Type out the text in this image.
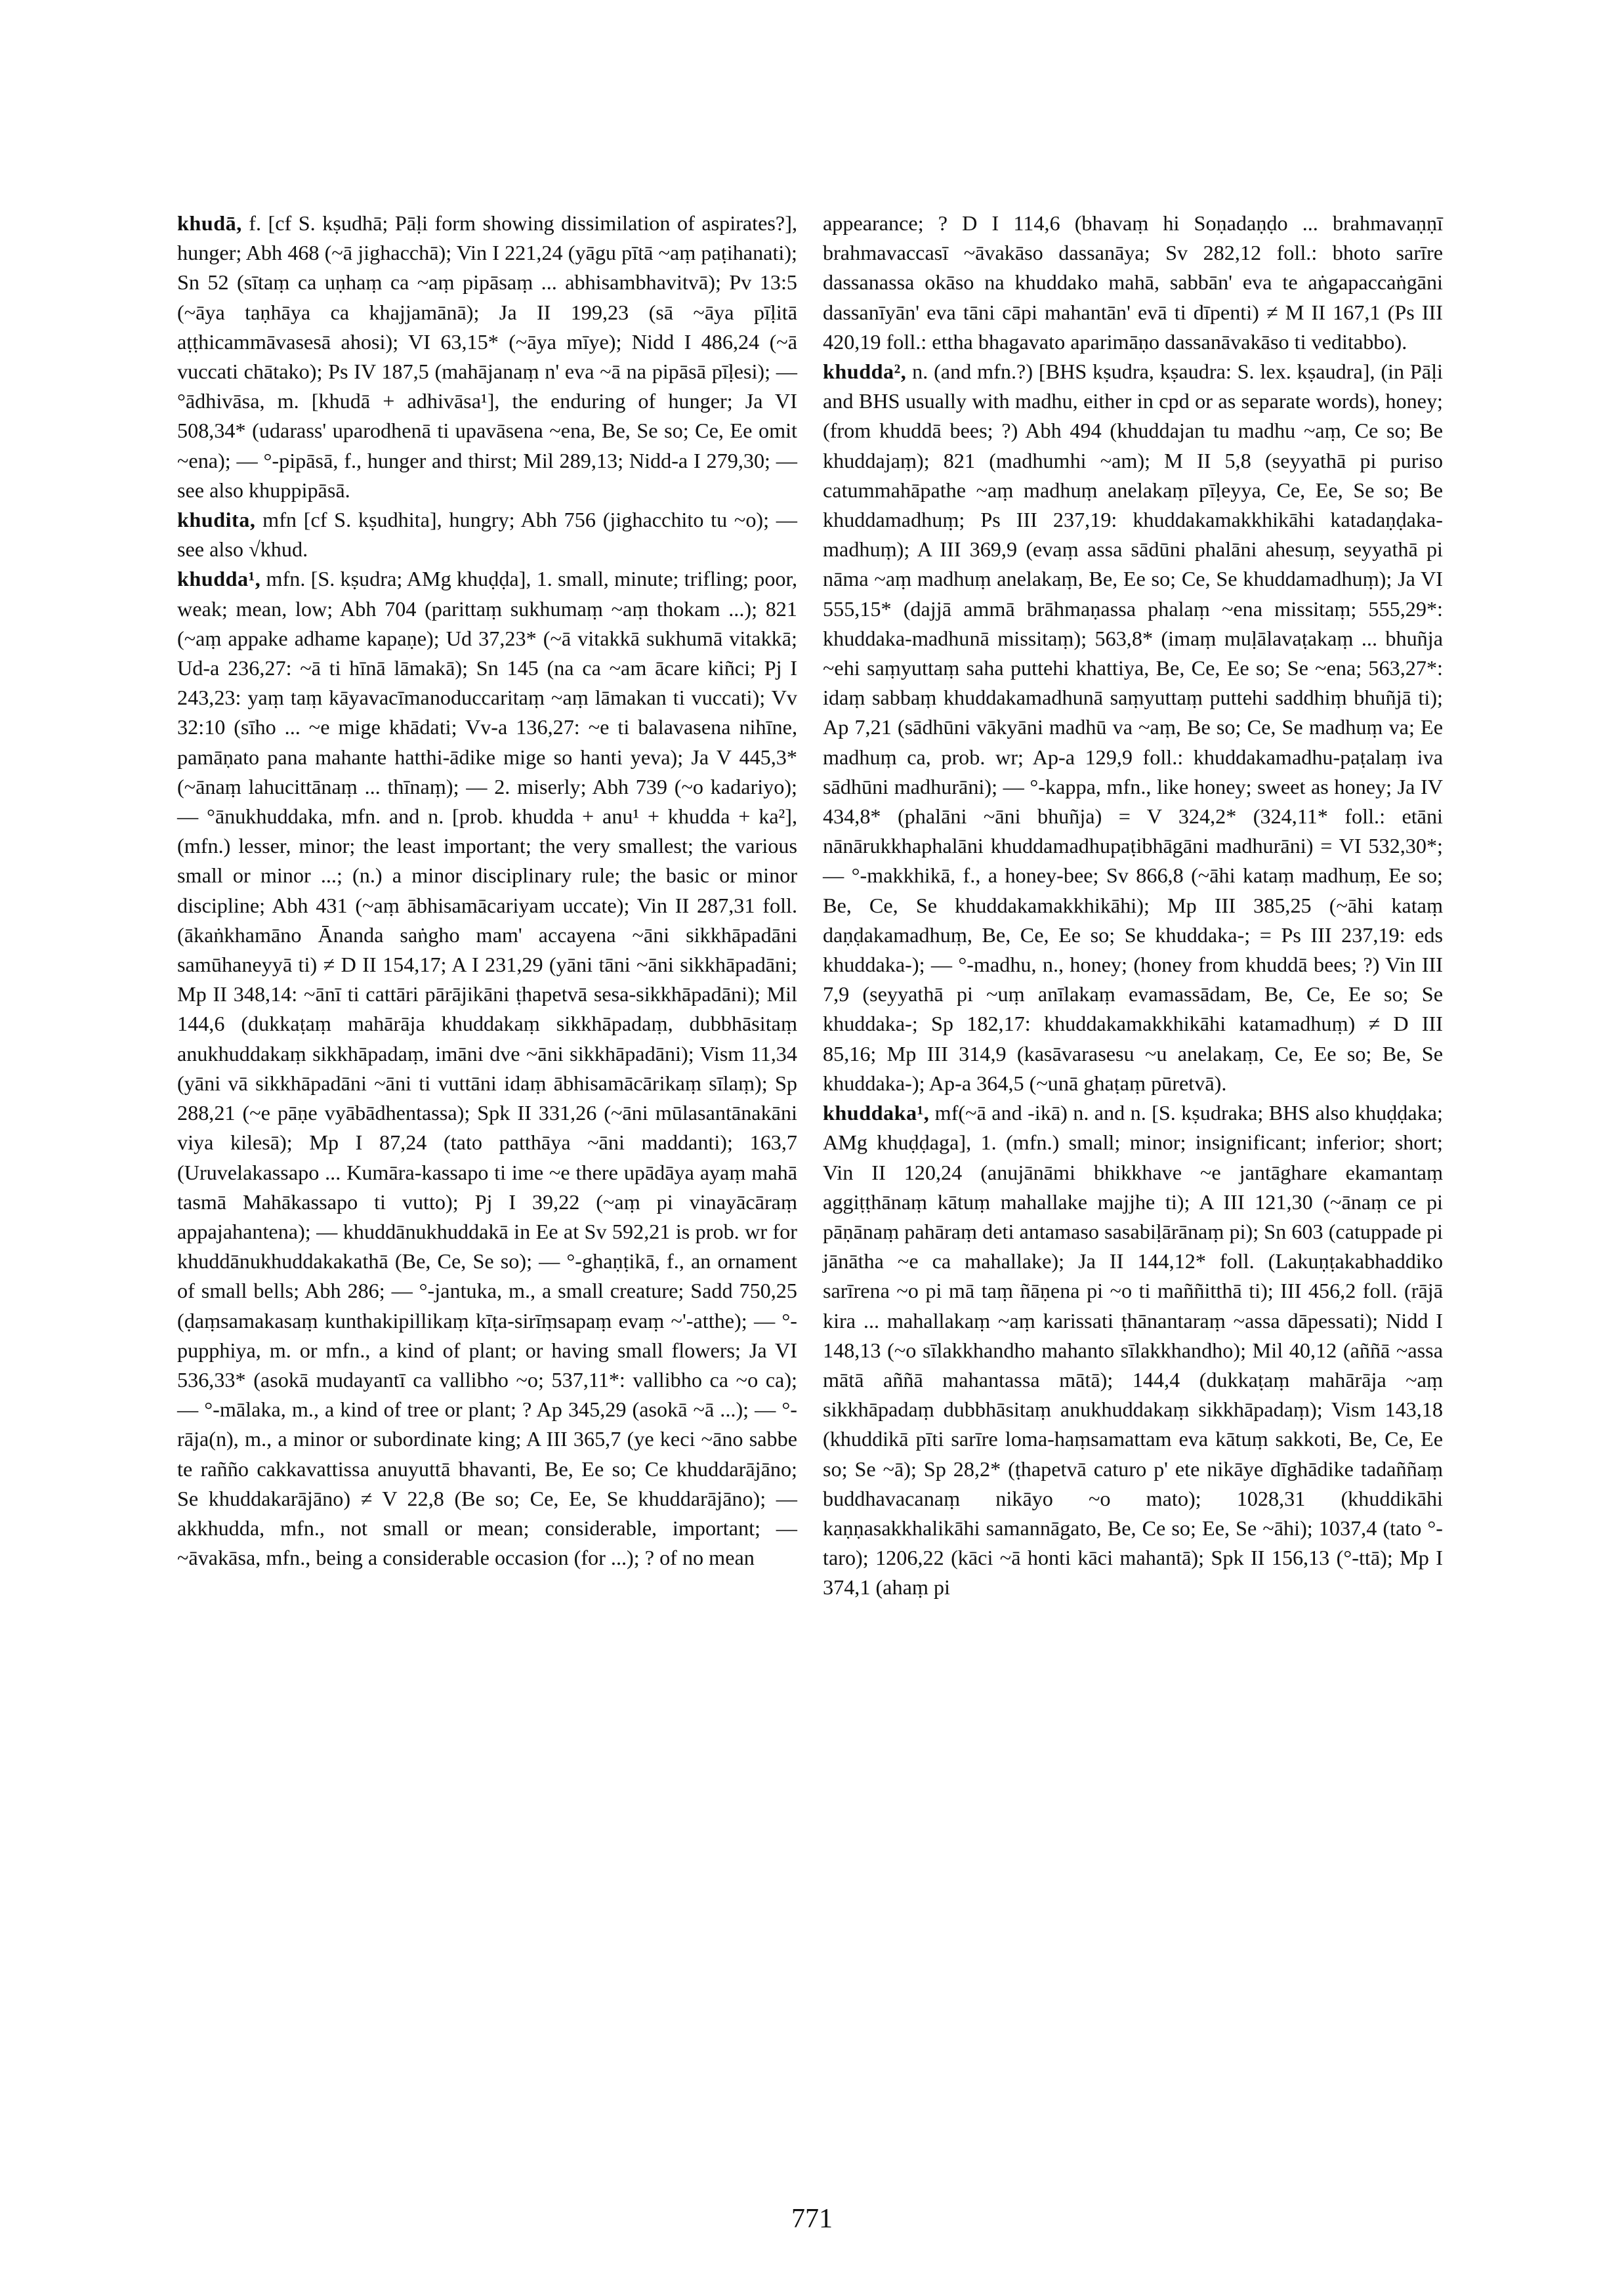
khudā, f. [cf S. kṣudhā; Pāḷi form showing dissimilation of aspirates?], hunger; Abh 468 (~ā jighacchā); Vin I 221,24 (yāgu pītā ~aṃ paṭihanati); Sn 52 (sītaṃ ca uṇhaṃ ca ~aṃ pipāsaṃ ... abhisambhavitvā); Pv 13:5 (~āya taṇhāya ca khajjamānā); Ja II 199,23 (sā ~āya pīḷitā aṭṭhicammāvasesā ahosi); VI 63,15* (~āya mīye); Nidd I 486,24 (~ā vuccati chātako); Ps IV 187,5 (mahājanaṃ n' eva ~ā na pipāsā pīḷesi); — °ādhivāsa, m. [khudā + adhivāsa¹], the enduring of hunger; Ja VI 508,34* (udarass' uparodhenā ti upavāsena ~ena, Be, Se so; Ce, Ee omit ~ena); — °-pipāsā, f., hunger and thirst; Mil 289,13; Nidd-a I 279,30; — see also khuppipāsā.

khudita, mfn [cf S. kṣudhita], hungry; Abh 756 (jighacchito tu ~o); — see also √khud.

khudda¹, mfn. [S. kṣudra; AMg khuḍḍa], 1. small, minute; trifling; poor, weak; mean, low; Abh 704 (parittaṃ sukhumaṃ ~aṃ thokam ...); 821 (~aṃ appake adhame kapaṇe); Ud 37,23* (~ā vitakkā sukhumā vitakkā; Ud-a 236,27: ~ā ti hīnā lāmakā); Sn 145 (na ca ~am ācare kiñci; Pj I 243,23: yaṃ taṃ kāyavacīmanoduccaritaṃ ~aṃ lāmakan ti vuccati); Vv 32:10 (sīho ... ~e mige khādati; Vv-a 136,27: ~e ti balavasena nihīne, pamāṇato pana mahante hatthi-ādike mige so hanti yeva); Ja V 445,3* (~ānaṃ lahucittānaṃ ... thīnaṃ); — 2. miserly; Abh 739 (~o kadariyo); — °ānukhuddaka, mfn. and n. [prob. khudda + anu¹ + khudda + ka²], (mfn.) lesser, minor; the least important; the very smallest; the various small or minor ...; (n.) a minor disciplinary rule; the basic or minor discipline; Abh 431 (~aṃ ābhisamācariyam uccate); Vin II 287,31 foll. (ākaṅkhamāno Ānanda saṅgho mam' accayena ~āni sikkhāpadāni samūhaneyyā ti) ≠ D II 154,17; A I 231,29 (yāni tāni ~āni sikkhāpadāni; Mp II 348,14: ~ānī ti cattāri pārājikāni ṭhapetvā sesa-sikkhāpadāni); Mil 144,6 (dukkaṭaṃ mahārāja khuddakaṃ sikkhāpadaṃ, dubbhāsitaṃ anukhuddakaṃ sikkhāpadaṃ, imāni dve ~āni sikkhāpadāni); Vism 11,34 (yāni vā sikkhāpadāni ~āni ti vuttāni idaṃ ābhisamācārikaṃ sīlaṃ); Sp 288,21 (~e pāṇe vyābādhentassa); Spk II 331,26 (~āni mūlasantānakāni viya kilesā); Mp I 87,24 (tato patthāya ~āni maddanti); 163,7 (Uruvelakassapo ... Kumāra-kassapo ti ime ~e there upādāya ayaṃ mahā tasmā Mahākassapo ti vutto); Pj I 39,22 (~aṃ pi vinayācāraṃ appajahantena); — khuddānukhuddakā in Ee at Sv 592,21 is prob. wr for khuddānukhuddakakathā (Be, Ce, Se so); — °-ghaṇṭikā, f., an ornament of small bells; Abh 286; — °-jantuka, m., a small creature; Sadd 750,25 (ḍaṃsamakasaṃ kunthakipillikaṃ kīṭa-sirīṃsapaṃ evaṃ ~'-atthe); — °-pupphiya, m. or mfn., a kind of plant; or having small flowers; Ja VI 536,33* (asokā mudayantī ca vallibho ~o; 537,11*: vallibho ca ~o ca); — °-mālaka, m., a kind of tree or plant; ? Ap 345,29 (asokā ~ā ...); — °-rāja(n), m., a minor or subordinate king; A III 365,7 (ye keci ~āno sabbe te rañño cakkavattissa anuyuttā bhavanti, Be, Ee so; Ce khuddarājāno; Se khuddakarājāno) ≠ V 22,8 (Be so; Ce, Ee, Se khuddarājāno); — akkhudda, mfn., not small or mean; considerable, important; — ~āvakāsa, mfn., being a considerable occasion (for ...); ? of no mean

appearance; ? D I 114,6 (bhavaṃ hi Soṇadaṇḍo ... brahmavaṇṇī brahmavaccasī ~āvakāso dassanāya; Sv 282,12 foll.: bhoto sarīre dassanassa okāso na khuddako mahā, sabbān' eva te aṅgapaccaṅgāni dassanīyān' eva tāni cāpi mahantān' evā ti dīpenti) ≠ M II 167,1 (Ps III 420,19 foll.: ettha bhagavato aparimāṇo dassanāvakāso ti veditabbo).

khudda², n. (and mfn.?) [BHS kṣudra, kṣaudra: S. lex. kṣaudra], (in Pāḷi and BHS usually with madhu, either in cpd or as separate words), honey; (from khuddā bees; ?) Abh 494 (khuddajan tu madhu ~aṃ, Ce so; Be khuddajaṃ); 821 (madhumhi ~am); M II 5,8 (seyyathā pi puriso catummahāpathe ~aṃ madhuṃ anelakaṃ pīḷeyya, Ce, Ee, Se so; Be khuddamadhuṃ; Ps III 237,19: khuddakamakkhikāhi katadaṇḍaka-madhuṃ); A III 369,9 (evaṃ assa sādūni phalāni ahesuṃ, seyyathā pi nāma ~aṃ madhuṃ anelakaṃ, Be, Ee so; Ce, Se khuddamadhuṃ); Ja VI 555,15* (dajjā ammā brāhmaṇassa phalaṃ ~ena missitaṃ; 555,29*: khuddaka-madhunā missitaṃ); 563,8* (imaṃ muḷālavaṭakaṃ ... bhuñja ~ehi saṃyuttaṃ saha puttehi khattiya, Be, Ce, Ee so; Se ~ena; 563,27*: idaṃ sabbaṃ khuddakamadhunā saṃyuttaṃ puttehi saddhiṃ bhuñjā ti); Ap 7,21 (sādhūni vākyāni madhū va ~aṃ, Be so; Ce, Se madhuṃ va; Ee madhuṃ ca, prob. wr; Ap-a 129,9 foll.: khuddakamadhu-paṭalaṃ iva sādhūni madhurāni); — °-kappa, mfn., like honey; sweet as honey; Ja IV 434,8* (phalāni ~āni bhuñja) = V 324,2* (324,11* foll.: etāni nānārukkhaphalāni khuddamadhupaṭibhāgāni madhurāni) = VI 532,30*; — °-makkhikā, f., a honey-bee; Sv 866,8 (~āhi kataṃ madhuṃ, Ee so; Be, Ce, Se khuddakamakkhikāhi); Mp III 385,25 (~āhi kataṃ daṇḍakamadhuṃ, Be, Ce, Ee so; Se khuddaka-; = Ps III 237,19: eds khuddaka-); — °-madhu, n., honey; (honey from khuddā bees; ?) Vin III 7,9 (seyyathā pi ~uṃ anīlakaṃ evamassādam, Be, Ce, Ee so; Se khuddaka-; Sp 182,17: khuddakamakkhikāhi katamadhuṃ) ≠ D III 85,16; Mp III 314,9 (kasāvarasesu ~u anelakaṃ, Ce, Ee so; Be, Se khuddaka-); Ap-a 364,5 (~unā ghaṭaṃ pūretvā).

khuddaka¹, mf(~ā and -ikā) n. and n. [S. kṣudraka; BHS also khuḍḍaka; AMg khuḍḍaga], 1. (mfn.) small; minor; insignificant; inferior; short; Vin II 120,24 (anujānāmi bhikkhave ~e jantāghare ekamantaṃ aggiṭṭhānaṃ kātuṃ mahallake majjhe ti); A III 121,30 (~ānaṃ ce pi pāṇānaṃ pahāraṃ deti antamaso sasabiḷārānaṃ pi); Sn 603 (catuppade pi jānātha ~e ca mahallake); Ja II 144,12* foll. (Lakuṇṭakabhaddiko sarīrena ~o pi mā taṃ ñāṇena pi ~o ti maññitthā ti); III 456,2 foll. (rājā kira ... mahallakaṃ ~aṃ karissati ṭhānantaraṃ ~assa dāpessati); Nidd I 148,13 (~o sīlakkhandho mahanto sīlakkhandho); Mil 40,12 (aññā ~assa mātā aññā mahantassa mātā); 144,4 (dukkaṭaṃ mahārāja ~aṃ sikkhāpadaṃ dubbhāsitaṃ anukhuddakaṃ sikkhāpadaṃ); Vism 143,18 (khuddikā pīti sarīre loma-haṃsamattam eva kātuṃ sakkoti, Be, Ce, Ee so; Se ~ā); Sp 28,2* (ṭhapetvā caturo p' ete nikāye dīghādike tadaññaṃ buddhavacanaṃ nikāyo ~o mato); 1028,31 (khuddikāhi kaṇṇasakkhalikāhi samannāgato, Be, Ce so; Ee, Se ~āhi); 1037,4 (tato °-taro); 1206,22 (kāci ~ā honti kāci mahantā); Spk II 156,13 (°-ttā); Mp I 374,1 (ahaṃ pi

771
